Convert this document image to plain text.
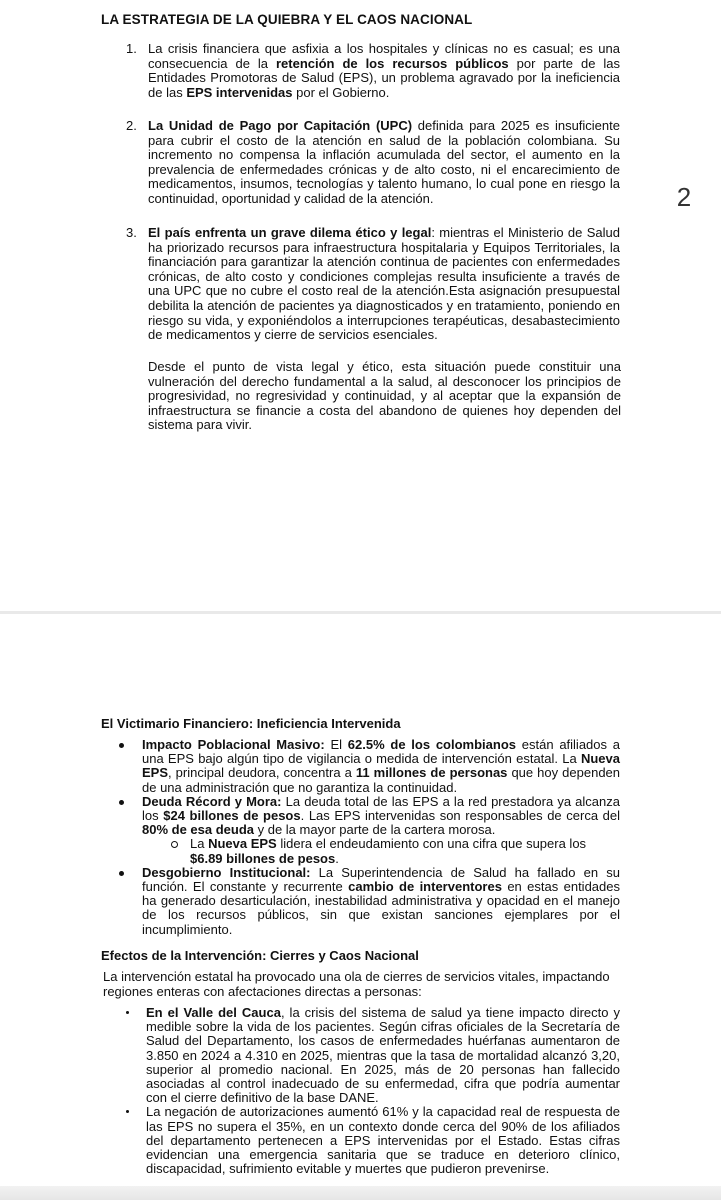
LA ESTRATEGIA DE LA QUIEBRA Y EL CAOS NACIONAL
1. La crisis financiera que asfixia a los hospitales y clínicas no es casual; es una consecuencia de la retención de los recursos públicos por parte de las Entidades Promotoras de Salud (EPS), un problema agravado por la ineficiencia de las EPS intervenidas por el Gobierno.
2. La Unidad de Pago por Capitación (UPC) definida para 2025 es insuficiente para cubrir el costo de la atención en salud de la población colombiana. Su incremento no compensa la inflación acumulada del sector, el aumento en la prevalencia de enfermedades crónicas y de alto costo, ni el encarecimiento de medicamentos, insumos, tecnologías y talento humano, lo cual pone en riesgo la continuidad, oportunidad y calidad de la atención.
3. El país enfrenta un grave dilema ético y legal: mientras el Ministerio de Salud ha priorizado recursos para infraestructura hospitalaria y Equipos Territoriales, la financiación para garantizar la atención continua de pacientes con enfermedades crónicas, de alto costo y condiciones complejas resulta insuficiente a través de una UPC que no cubre el costo real de la atención.Esta asignación presupuestal debilita la atención de pacientes ya diagnosticados y en tratamiento, poniendo en riesgo su vida, y exponiéndolos a interrupciones terapéuticas, desabastecimiento de medicamentos y cierre de servicios esenciales.
Desde el punto de vista legal y ético, esta situación puede constituir una vulneración del derecho fundamental a la salud, al desconocer los principios de progresividad, no regresividad y continuidad, y al aceptar que la expansión de infraestructura se financie a costa del abandono de quienes hoy dependen del sistema para vivir.
2
El Victimario Financiero: Ineficiencia Intervenida
Impacto Poblacional Masivo: El 62.5% de los colombianos están afiliados a una EPS bajo algún tipo de vigilancia o medida de intervención estatal. La Nueva EPS, principal deudora, concentra a 11 millones de personas que hoy dependen de una administración que no garantiza la continuidad.
Deuda Récord y Mora: La deuda total de las EPS a la red prestadora ya alcanza los $24 billones de pesos. Las EPS intervenidas son responsables de cerca del 80% de esa deuda y de la mayor parte de la cartera morosa.
La Nueva EPS lidera el endeudamiento con una cifra que supera los $6.89 billones de pesos.
Desgobierno Institucional: La Superintendencia de Salud ha fallado en su función. El constante y recurrente cambio de interventores en estas entidades ha generado desarticulación, inestabilidad administrativa y opacidad en el manejo de los recursos públicos, sin que existan sanciones ejemplares por el incumplimiento.
Efectos de la Intervención: Cierres y Caos Nacional
La intervención estatal ha provocado una ola de cierres de servicios vitales, impactando regiones enteras con afectaciones directas a personas:
En el Valle del Cauca, la crisis del sistema de salud ya tiene impacto directo y medible sobre la vida de los pacientes. Según cifras oficiales de la Secretaría de Salud del Departamento, los casos de enfermedades huérfanas aumentaron de 3.850 en 2024 a 4.310 en 2025, mientras que la tasa de mortalidad alcanzó 3,20, superior al promedio nacional. En 2025, más de 20 personas han fallecido asociadas al control inadecuado de su enfermedad, cifra que podría aumentar con el cierre definitivo de la base DANE.
La negación de autorizaciones aumentó 61% y la capacidad real de respuesta de las EPS no supera el 35%, en un contexto donde cerca del 90% de los afiliados del departamento pertenecen a EPS intervenidas por el Estado. Estas cifras evidencian una emergencia sanitaria que se traduce en deterioro clínico, discapacidad, sufrimiento evitable y muertes que pudieron prevenirse.
